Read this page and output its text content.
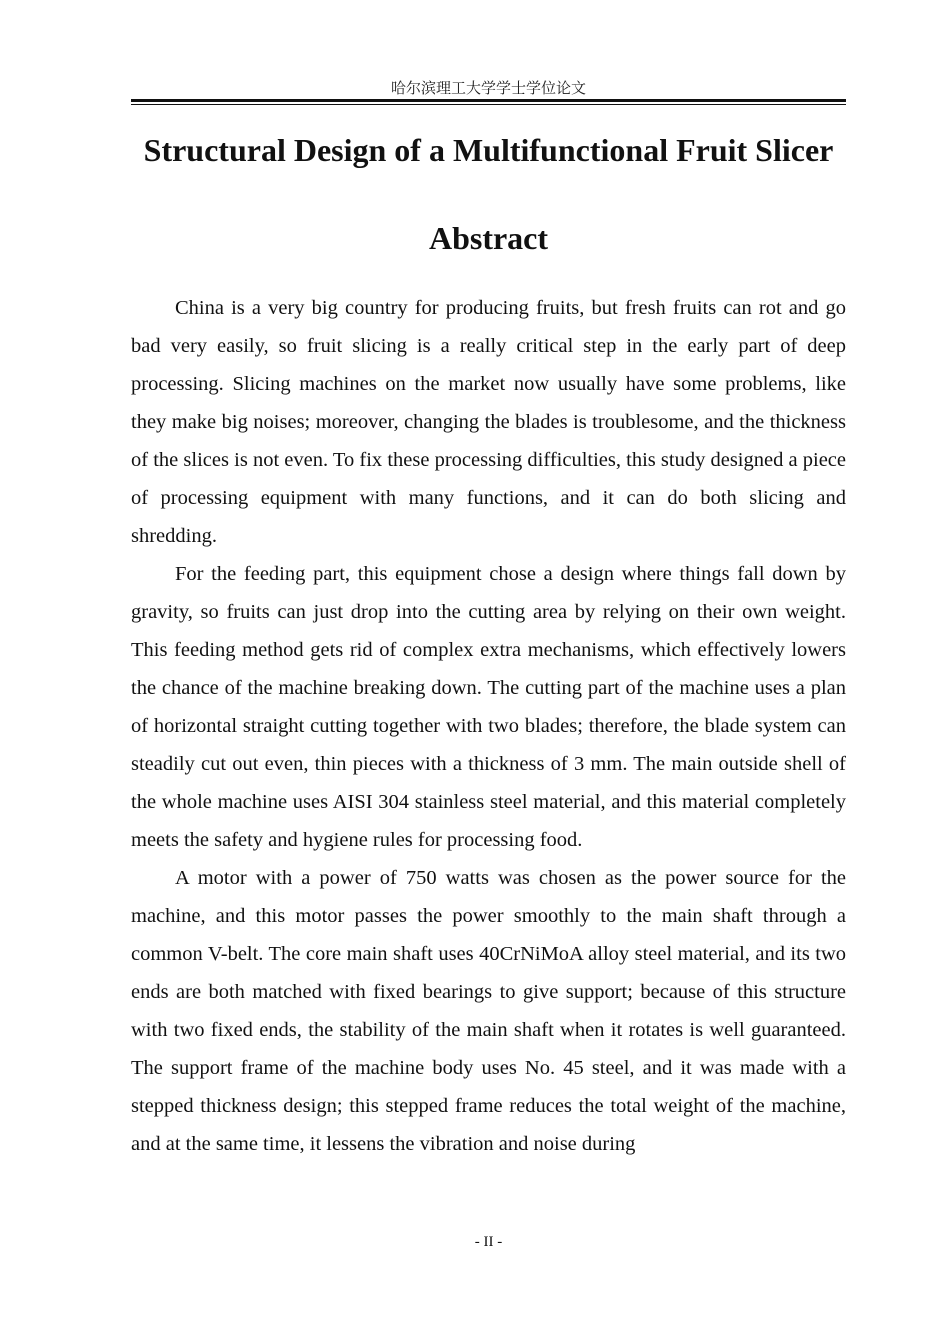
哈尔滨理工大学学士学位论文
Structural Design of a Multifunctional Fruit Slicer
Abstract

China is a very big country for producing fruits, but fresh fruits can rot and go bad very easily, so fruit slicing is a really critical step in the early part of deep processing. Slicing machines on the market now usually have some problems, like they make big noises; moreover, changing the blades is troublesome, and the thickness of the slices is not even. To fix these processing difficulties, this study designed a piece of processing equipment with many functions, and it can do both slicing and shredding.

For the feeding part, this equipment chose a design where things fall down by gravity, so fruits can just drop into the cutting area by relying on their own weight. This feeding method gets rid of complex extra mechanisms, which effectively lowers the chance of the machine breaking down. The cutting part of the machine uses a plan of horizontal straight cutting together with two blades; therefore, the blade system can steadily cut out even, thin pieces with a thickness of 3 mm. The main outside shell of the whole machine uses AISI 304 stainless steel material, and this material completely meets the safety and hygiene rules for processing food.

A motor with a power of 750 watts was chosen as the power source for the machine, and this motor passes the power smoothly to the main shaft through a common V-belt. The core main shaft uses 40CrNiMoA alloy steel material, and its two ends are both matched with fixed bearings to give support; because of this structure with two fixed ends, the stability of the main shaft when it rotates is well guaranteed. The support frame of the machine body uses No. 45 steel, and it was made with a stepped thickness design; this stepped frame reduces the total weight of the machine, and at the same time, it lessens the vibration and noise during

- II -
